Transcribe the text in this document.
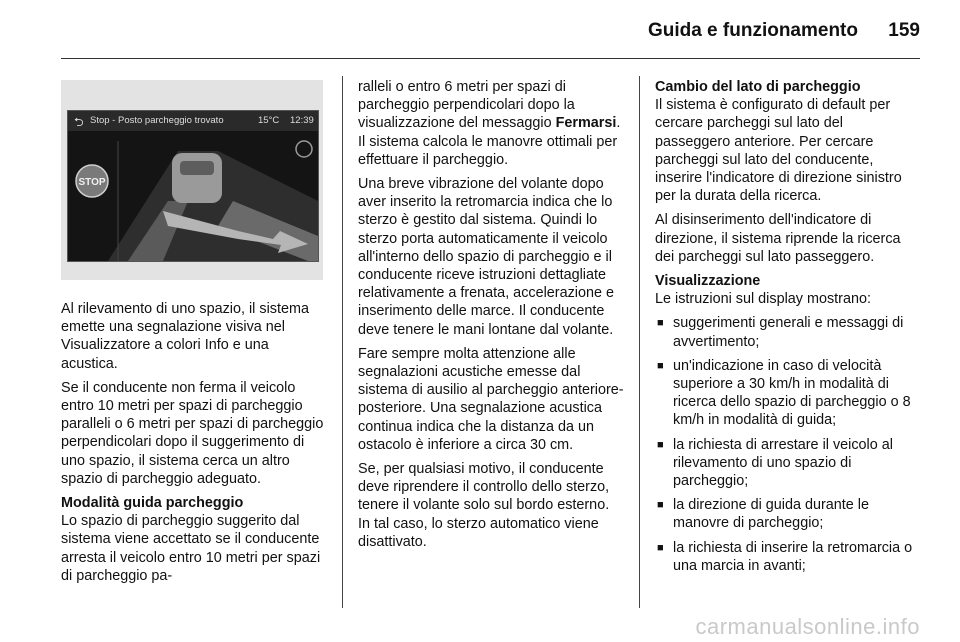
Guida e funzionamento 159
⮌ Stop - Posto parcheggio trovato	15°C 12:39
STOP

Al rilevamento di uno spazio, il sistema emette una segnalazione visiva nel Visualizzatore a colori Info e una acustica.

Se il conducente non ferma il veicolo entro 10 metri per spazi di parcheggio paralleli o 6 metri per spazi di parcheggio perpendicolari dopo il suggerimento di uno spazio, il sistema cerca un altro spazio di parcheggio adeguato.

Modalità guida parcheggio

Lo spazio di parcheggio suggerito dal sistema viene accettato se il conducente arresta il veicolo entro 10 metri per spazi di parcheggio pa-

ralleli o entro 6 metri per spazi di parcheggio perpendicolari dopo la visualizzazione del messaggio Fermarsi. Il sistema calcola le manovre ottimali per effettuare il parcheggio.

Una breve vibrazione del volante dopo aver inserito la retromarcia indica che lo sterzo è gestito dal sistema. Quindi lo sterzo porta automaticamente il veicolo all'interno dello spazio di parcheggio e il conducente riceve istruzioni dettagliate relativamente a frenata, accelerazione e inserimento delle marce. Il conducente deve tenere le mani lontane dal volante.

Fare sempre molta attenzione alle segnalazioni acustiche emesse dal sistema di ausilio al parcheggio anteriore-posteriore. Una segnalazione acustica continua indica che la distanza da un ostacolo è inferiore a circa 30 cm.

Se, per qualsiasi motivo, il conducente deve riprendere il controllo dello sterzo, tenere il volante solo sul bordo esterno. In tal caso, lo sterzo automatico viene disattivato.

Cambio del lato di parcheggio

Il sistema è configurato di default per cercare parcheggi sul lato del passeggero anteriore. Per cercare parcheggi sul lato del conducente, inserire l'indicatore di direzione sinistro per la durata della ricerca.

Al disinserimento dell'indicatore di direzione, il sistema riprende la ricerca dei parcheggi sul lato passeggero.

Visualizzazione

Le istruzioni sul display mostrano:

■ suggerimenti generali e messaggi di avvertimento;
■ un'indicazione in caso di velocità superiore a 30 km/h in modalità di ricerca dello spazio di parcheggio o 8 km/h in modalità di guida;
■ la richiesta di arrestare il veicolo al rilevamento di uno spazio di parcheggio;
■ la direzione di guida durante le manovre di parcheggio;
■ la richiesta di inserire la retromarcia o una marcia in avanti;
carmanualsonline.info
